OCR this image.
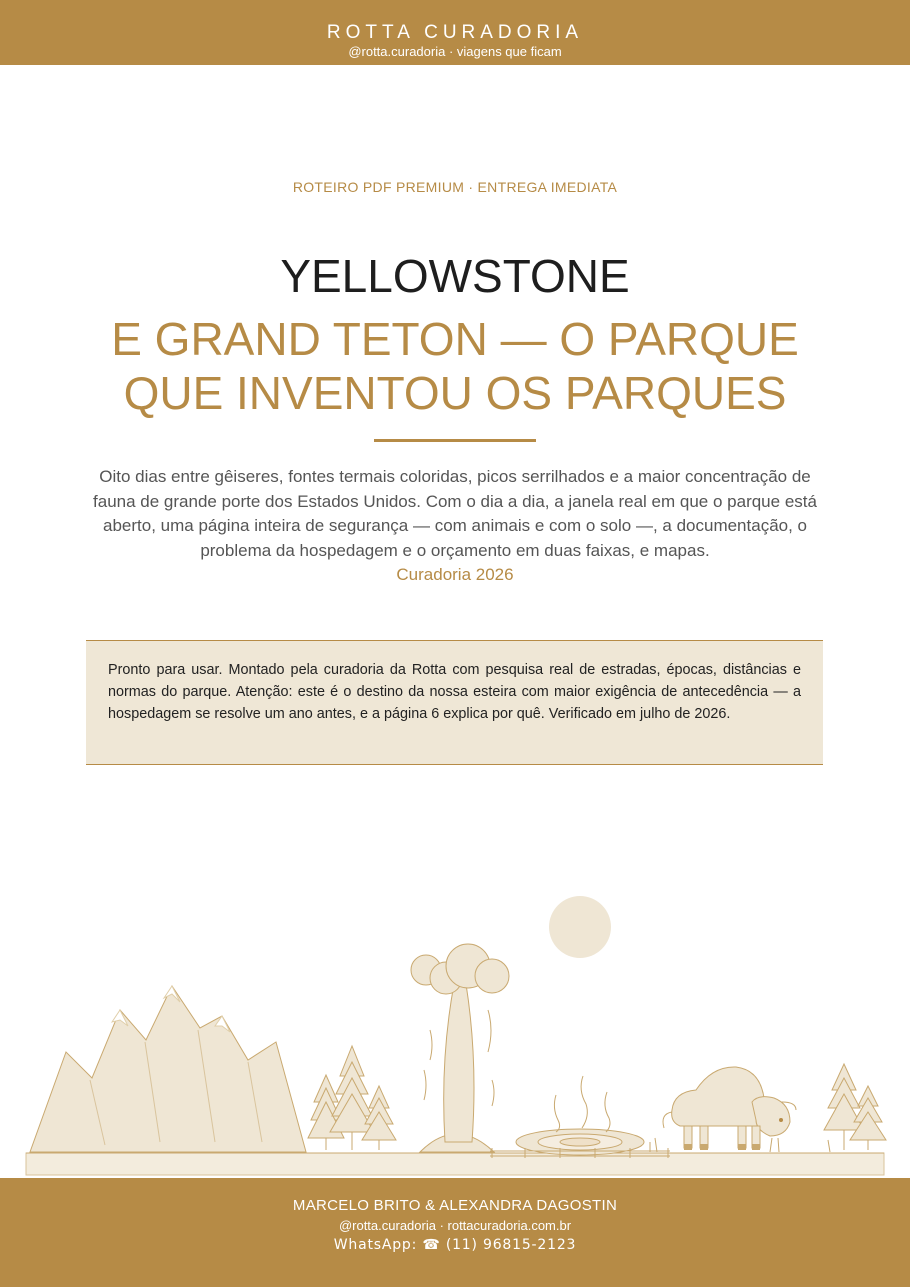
ROTTA CURADORIA
@rotta.curadoria · viagens que ficam
ROTEIRO PDF PREMIUM · ENTREGA IMEDIATA
YELLOWSTONE
E GRAND TETON — O PARQUE QUE INVENTOU OS PARQUES
Oito dias entre gêiseres, fontes termais coloridas, picos serrilhados e a maior concentração de fauna de grande porte dos Estados Unidos. Com o dia a dia, a janela real em que o parque está aberto, uma página inteira de segurança — com animais e com o solo —, a documentação, o problema da hospedagem e o orçamento em duas faixas, e mapas.
Curadoria 2026
Pronto para usar. Montado pela curadoria da Rotta com pesquisa real de estradas, épocas, distâncias e normas do parque. Atenção: este é o destino da nossa esteira com maior exigência de antecedência — a hospedagem se resolve um ano antes, e a página 6 explica por quê. Verificado em julho de 2026.
MARCELO BRITO & ALEXANDRA DAGOSTIN
@rotta.curadoria · rottacuradoria.com.br
WhatsApp: ☎ (11) 96815-2123
